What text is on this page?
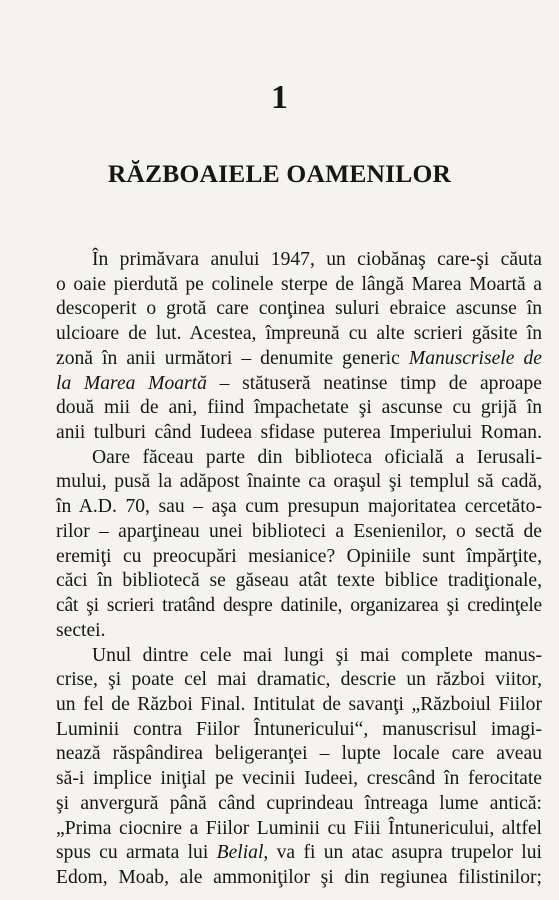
1
RĂZBOAIELE OAMENILOR
În primăvara anului 1947, un ciobănaş care-şi căuta
o oaie pierdută pe colinele sterpe de lângă Marea Moartă a
descoperit o grotă care conţinea suluri ebraice ascunse în
ulcioare de lut. Acestea, împreună cu alte scrieri găsite în
zonă în anii următori – denumite generic Manuscrisele de
la Marea Moartă – stătuseră neatinse timp de aproape
două mii de ani, fiind împachetate şi ascunse cu grijă în
anii tulburi când Iudeea sfidase puterea Imperiului Roman.
Oare făceau parte din biblioteca oficială a Ierusali-
mului, pusă la adăpost înainte ca oraşul şi templul să cadă,
în A.D. 70, sau – aşa cum presupun majoritatea cercetăto-
rilor – aparţineau unei biblioteci a Esenienilor, o sectă de
eremiţi cu preocupări mesianice? Opiniile sunt împărţite,
căci în bibliotecă se găseau atât texte biblice tradiţionale,
cât şi scrieri tratând despre datinile, organizarea şi credinţele
sectei.
Unul dintre cele mai lungi şi mai complete manus-
crise, şi poate cel mai dramatic, descrie un război viitor,
un fel de Război Final. Intitulat de savanţi „Războiul Fiilor
Luminii contra Fiilor Întunericului“, manuscrisul imagi-
nează răspândirea beligeranţei – lupte locale care aveau
să-i implice iniţial pe vecinii Iudeei, crescând în ferocitate
şi anvergură până când cuprindeau întreaga lume antică:
„Prima ciocnire a Fiilor Luminii cu Fiii Întunericului, altfel
spus cu armata lui Belial, va fi un atac asupra trupelor lui
Edom, Moab, ale ammoniţilor şi din regiunea filistinilor;
